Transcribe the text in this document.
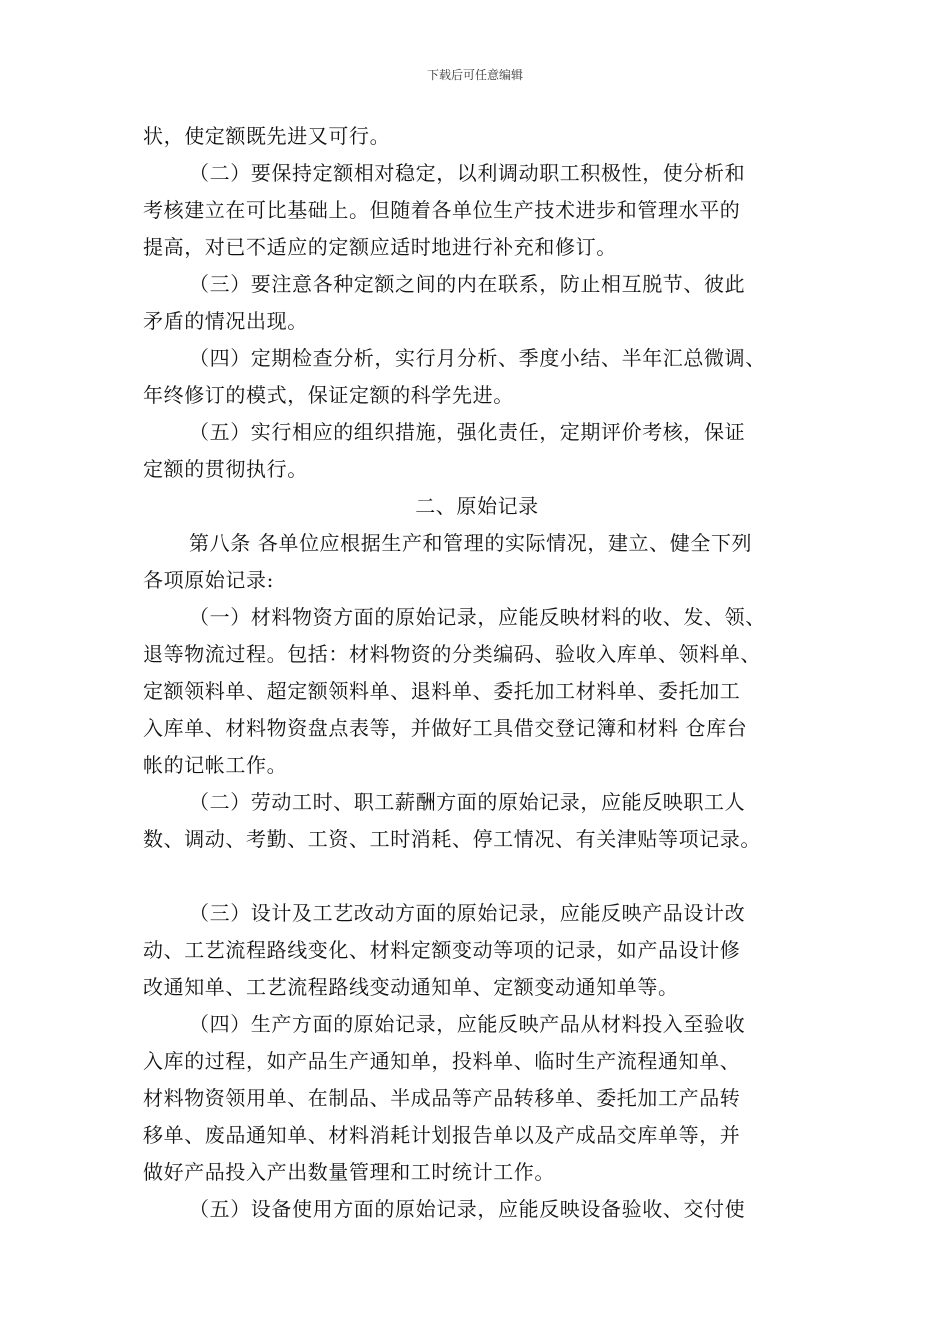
下载后可任意编辑
状，使定额既先进又可行。
（二）要保持定额相对稳定，以利调动职工积极性，使分析和
考核建立在可比基础上。但随着各单位生产技术进步和管理水平的
提高，对已不适应的定额应适时地进行补充和修订。
（三）要注意各种定额之间的内在联系，防止相互脱节、彼此
矛盾的情况出现。
（四）定期检查分析，实行月分析、季度小结、半年汇总微调、
年终修订的模式，保证定额的科学先进。
（五）实行相应的组织措施，强化责任，定期评价考核，保证
定额的贯彻执行。
二、原始记录
第八条 各单位应根据生产和管理的实际情况，建立、健全下列
各项原始记录:
（一）材料物资方面的原始记录，应能反映材料的收、发、领、
退等物流过程。包括：材料物资的分类编码、验收入库单、领料单、
定额领料单、超定额领料单、退料单、委托加工材料单、委托加工
入库单、材料物资盘点表等，并做好工具借交登记簿和材料 仓库台
帐的记帐工作。
（二）劳动工时、职工薪酬方面的原始记录，应能反映职工人
数、调动、考勤、工资、工时消耗、停工情况、有关津贴等项记录。
（三）设计及工艺改动方面的原始记录，应能反映产品设计改
动、工艺流程路线变化、材料定额变动等项的记录，如产品设计修
改通知单、工艺流程路线变动通知单、定额变动通知单等。
（四）生产方面的原始记录，应能反映产品从材料投入至验收
入库的过程，如产品生产通知单，投料单、临时生产流程通知单、
材料物资领用单、在制品、半成品等产品转移单、委托加工产品转
移单、废品通知单、材料消耗计划报告单以及产成品交库单等，并
做好产品投入产出数量管理和工时统计工作。
（五）设备使用方面的原始记录，应能反映设备验收、交付使
